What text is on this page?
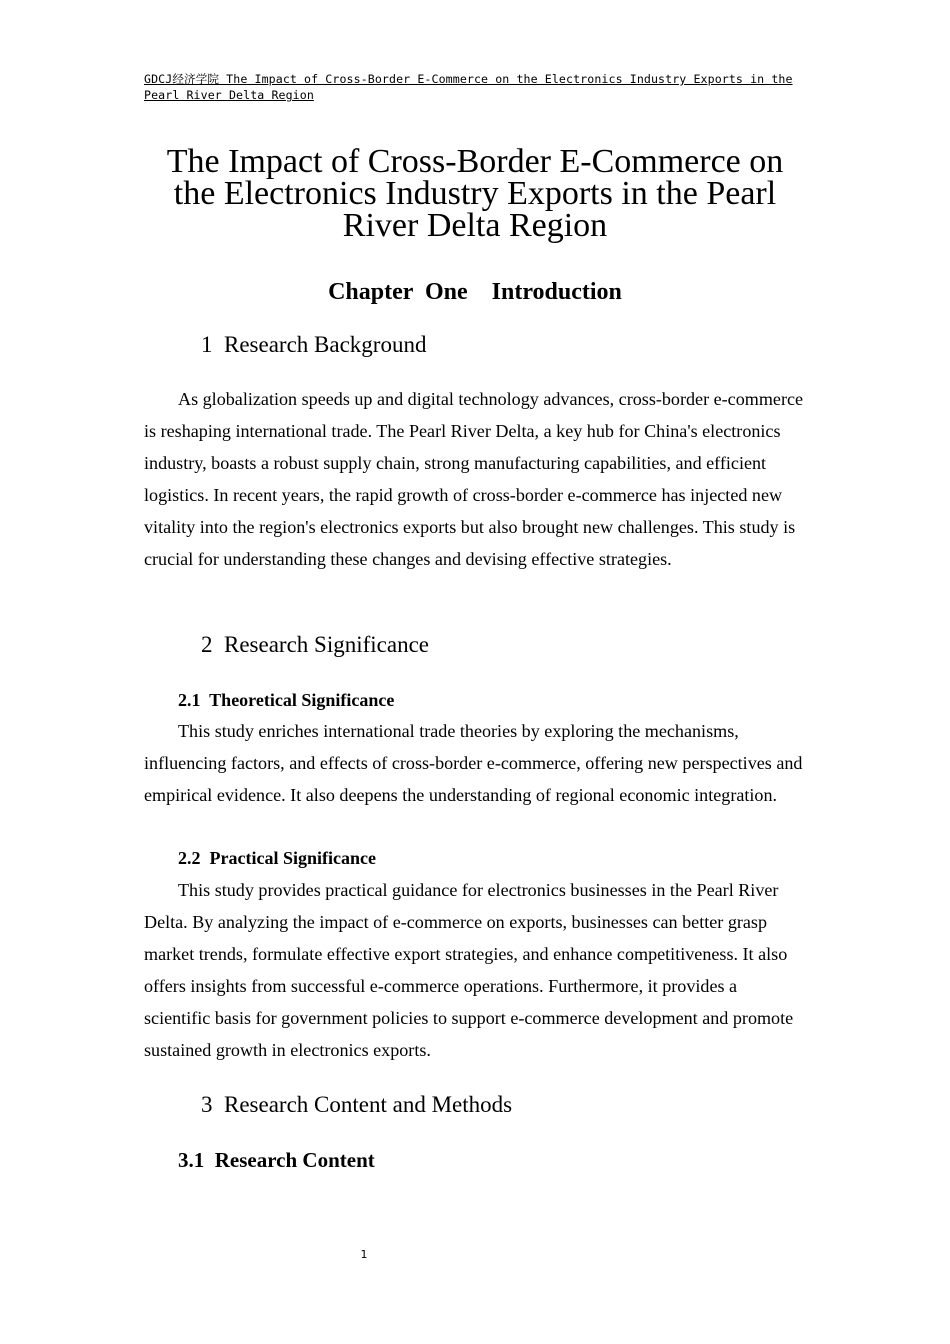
GDCJ经济学院 The Impact of Cross-Border E-Commerce on the Electronics Industry Exports in the Pearl River Delta Region
The Impact of Cross-Border E-Commerce on
the Electronics Industry Exports in the Pearl
River Delta Region
Chapter  One    Introduction
1  Research Background

As globalization speeds up and digital technology advances, cross-border e-commerce is reshaping international trade. The Pearl River Delta, a key hub for China's electronics industry, boasts a robust supply chain, strong manufacturing capabilities, and efficient logistics. In recent years, the rapid growth of cross-border e-commerce has injected new vitality into the region's electronics exports but also brought new challenges. This study is crucial for understanding these changes and devising effective strategies.

2  Research Significance
2.1  Theoretical Significance

This study enriches international trade theories by exploring the mechanisms, influencing factors, and effects of cross-border e-commerce, offering new perspectives and empirical evidence. It also deepens the understanding of regional economic integration.

2.2  Practical Significance

This study provides practical guidance for electronics businesses in the Pearl River Delta. By analyzing the impact of e-commerce on exports, businesses can better grasp market trends, formulate effective export strategies, and enhance competitiveness. It also offers insights from successful e-commerce operations. Furthermore, it provides a scientific basis for government policies to support e-commerce development and promote sustained growth in electronics exports.

3  Research Content and Methods
3.1  Research Content
1
